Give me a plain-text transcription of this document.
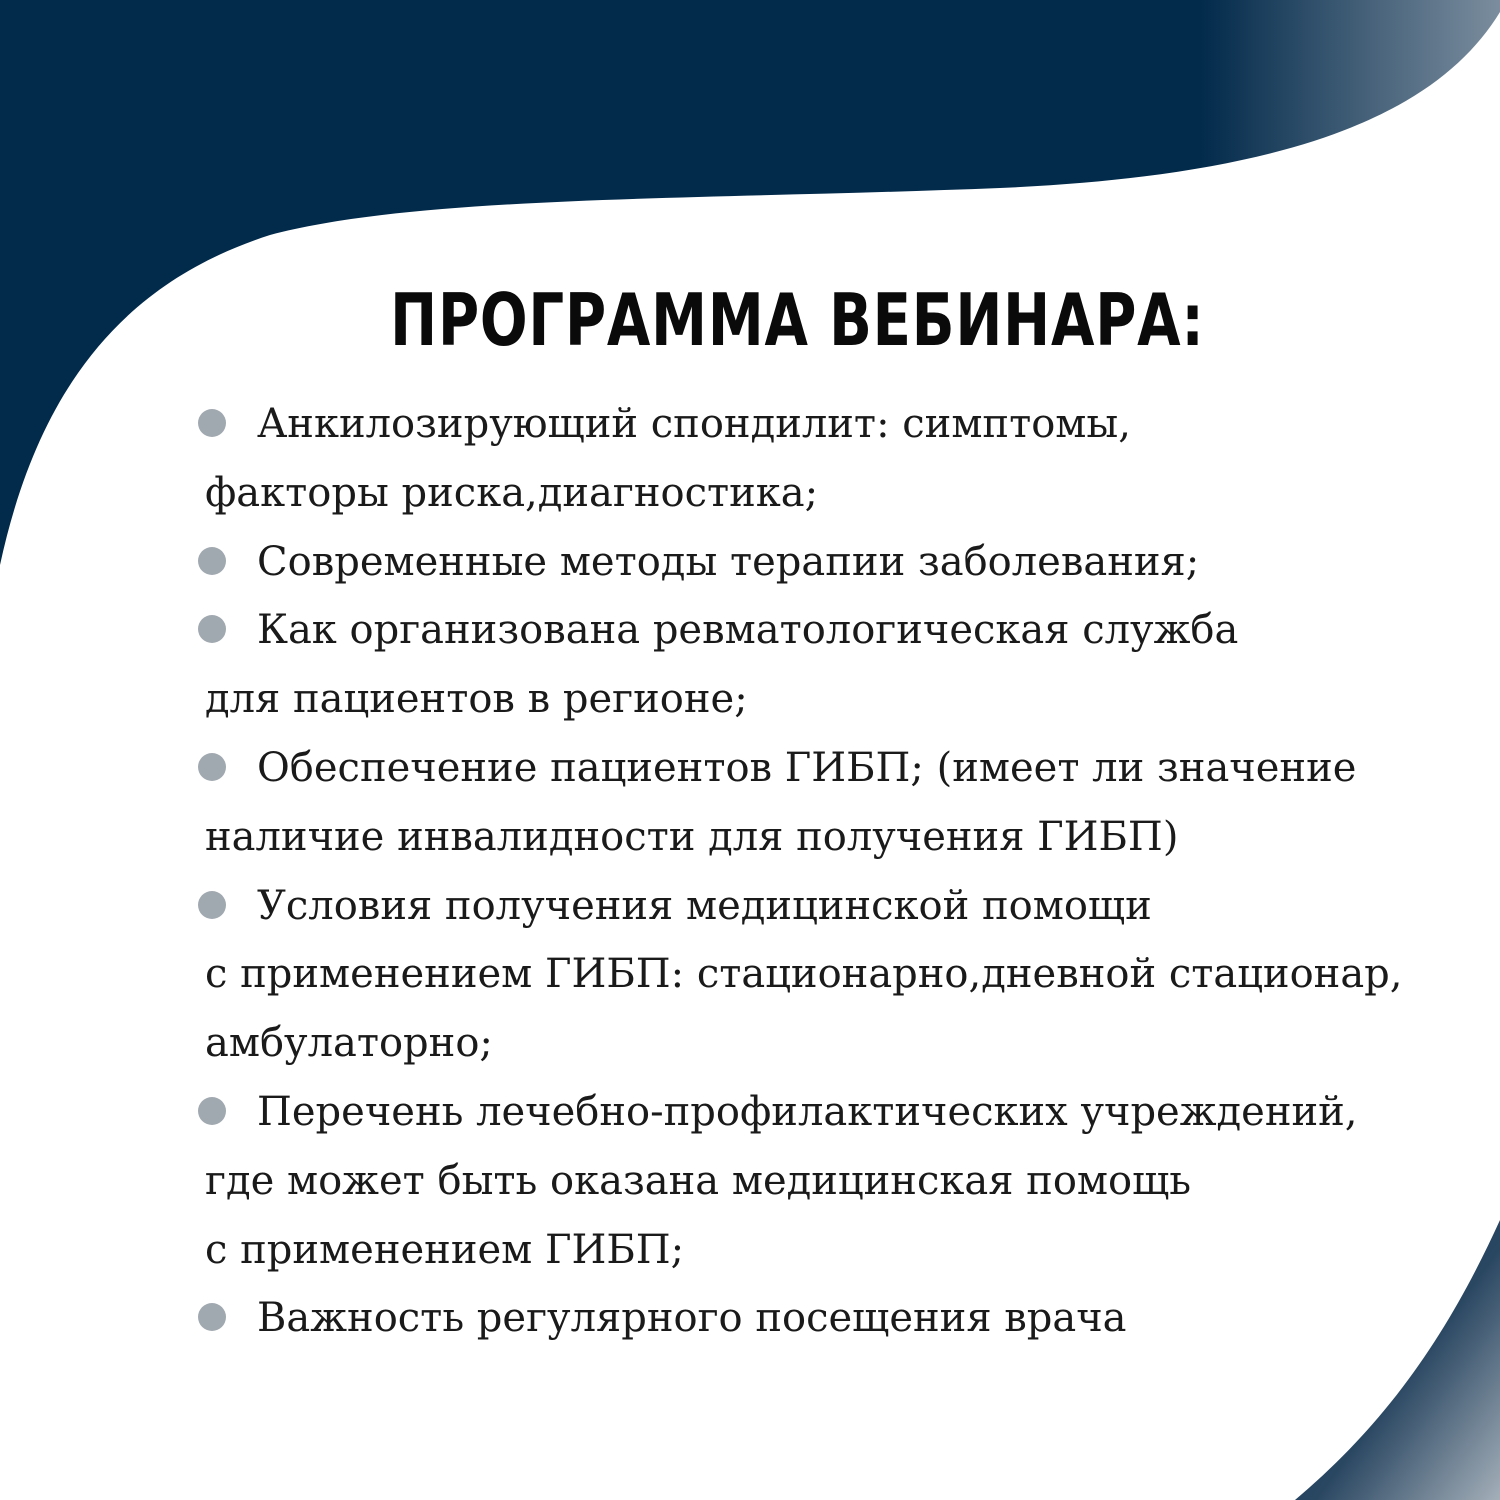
ПРОГРАММА ВЕБИНАРА:
Анкилозирующий спондилит: симптомы,
факторы риска,диагностика;
Современные методы терапии заболевания;
Как организована ревматологическая служба
для пациентов в регионе;
Обеспечение пациентов ГИБП; (имеет ли значение
наличие инвалидности для получения ГИБП)
Условия получения медицинской помощи
с применением ГИБП: стационарно,дневной стационар,
амбулаторно;
Перечень лечебно-профилактических учреждений,
где может быть оказана медицинская помощь
с применением ГИБП;
Важность регулярного посещения врача
